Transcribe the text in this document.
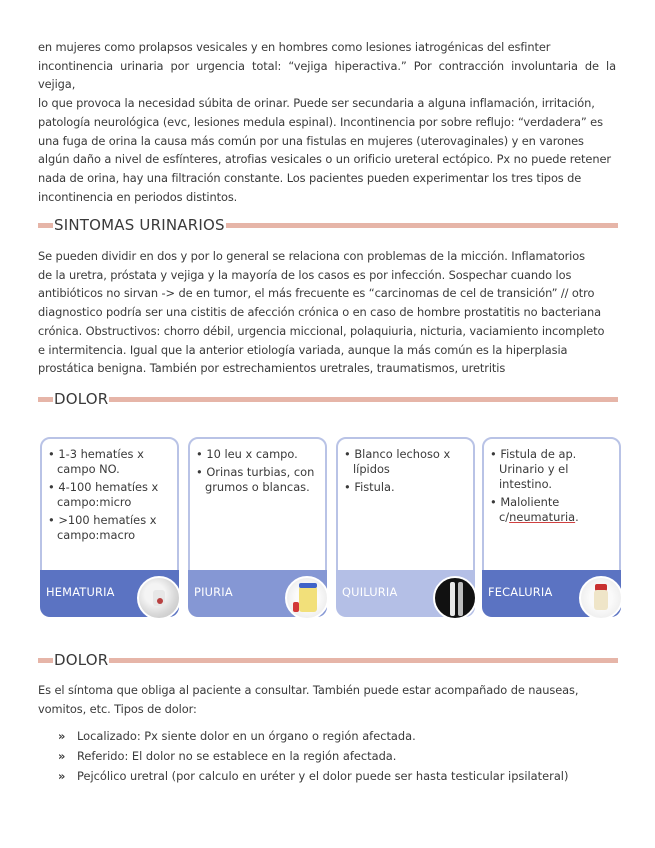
en mujeres como prolapsos vesicales y en hombres como lesiones iatrogénicas del esfinter
incontinencia urinaria por urgencia total: “vejiga hiperactiva.” Por contracción involuntaria de la vejiga,
lo que provoca la necesidad súbita de orinar. Puede ser secundaria a alguna inflamación, irritación,
patología neurológica (evc, lesiones medula espinal). Incontinencia por sobre reflujo: “verdadera” es
una fuga de orina la causa más común por una fistulas en mujeres (uterovaginales) y en varones
algún daño a nivel de esfínteres, atrofias vesicales o un orificio ureteral ectópico. Px no puede retener
nada de orina, hay una filtración constante. Los pacientes pueden experimentar los tres tipos de
incontinencia en periodos distintos.
SINTOMAS URINARIOS
Se pueden dividir en dos y por lo general se relaciona con problemas de la micción. Inflamatorios
de la uretra, próstata y vejiga y la mayoría de los casos es por infección. Sospechar cuando los
antibióticos no sirvan -> de en tumor, el más frecuente es “carcinomas de cel de transición” // otro
diagnostico podría ser una cistitis de afección crónica o en caso de hombre prostatitis no bacteriana
crónica. Obstructivos: chorro débil, urgencia miccional, polaquiuria, nicturia, vaciamiento incompleto
e intermitencia. Igual que la anterior etiología variada, aunque la más común es la hiperplasia
prostática benigna. También por estrechamientos uretrales, traumatismos, uretritis
DOLOR
• 1-3 hematíes x campo NO.
• 4-100 hematíes x campo:micro
• >100 hematíes x campo:macro
HEMATURIA
• 10 leu x campo.
• Orinas turbias, con grumos o blancas.
PIURIA
• Blanco lechoso x lípidos
• Fistula.
QUILURIA
• Fistula de ap. Urinario y el intestino.
• Maloliente c/neumaturia.
FECALURIA
DOLOR
Es el síntoma que obliga al paciente a consultar. También puede estar acompañado de nauseas,
vomitos, etc. Tipos de dolor:
» Localizado: Px siente dolor en un órgano o región afectada.
» Referido: El dolor no se establece en la región afectada.
» Pejcólico uretral (por calculo en uréter y el dolor puede ser hasta testicular ipsilateral)
